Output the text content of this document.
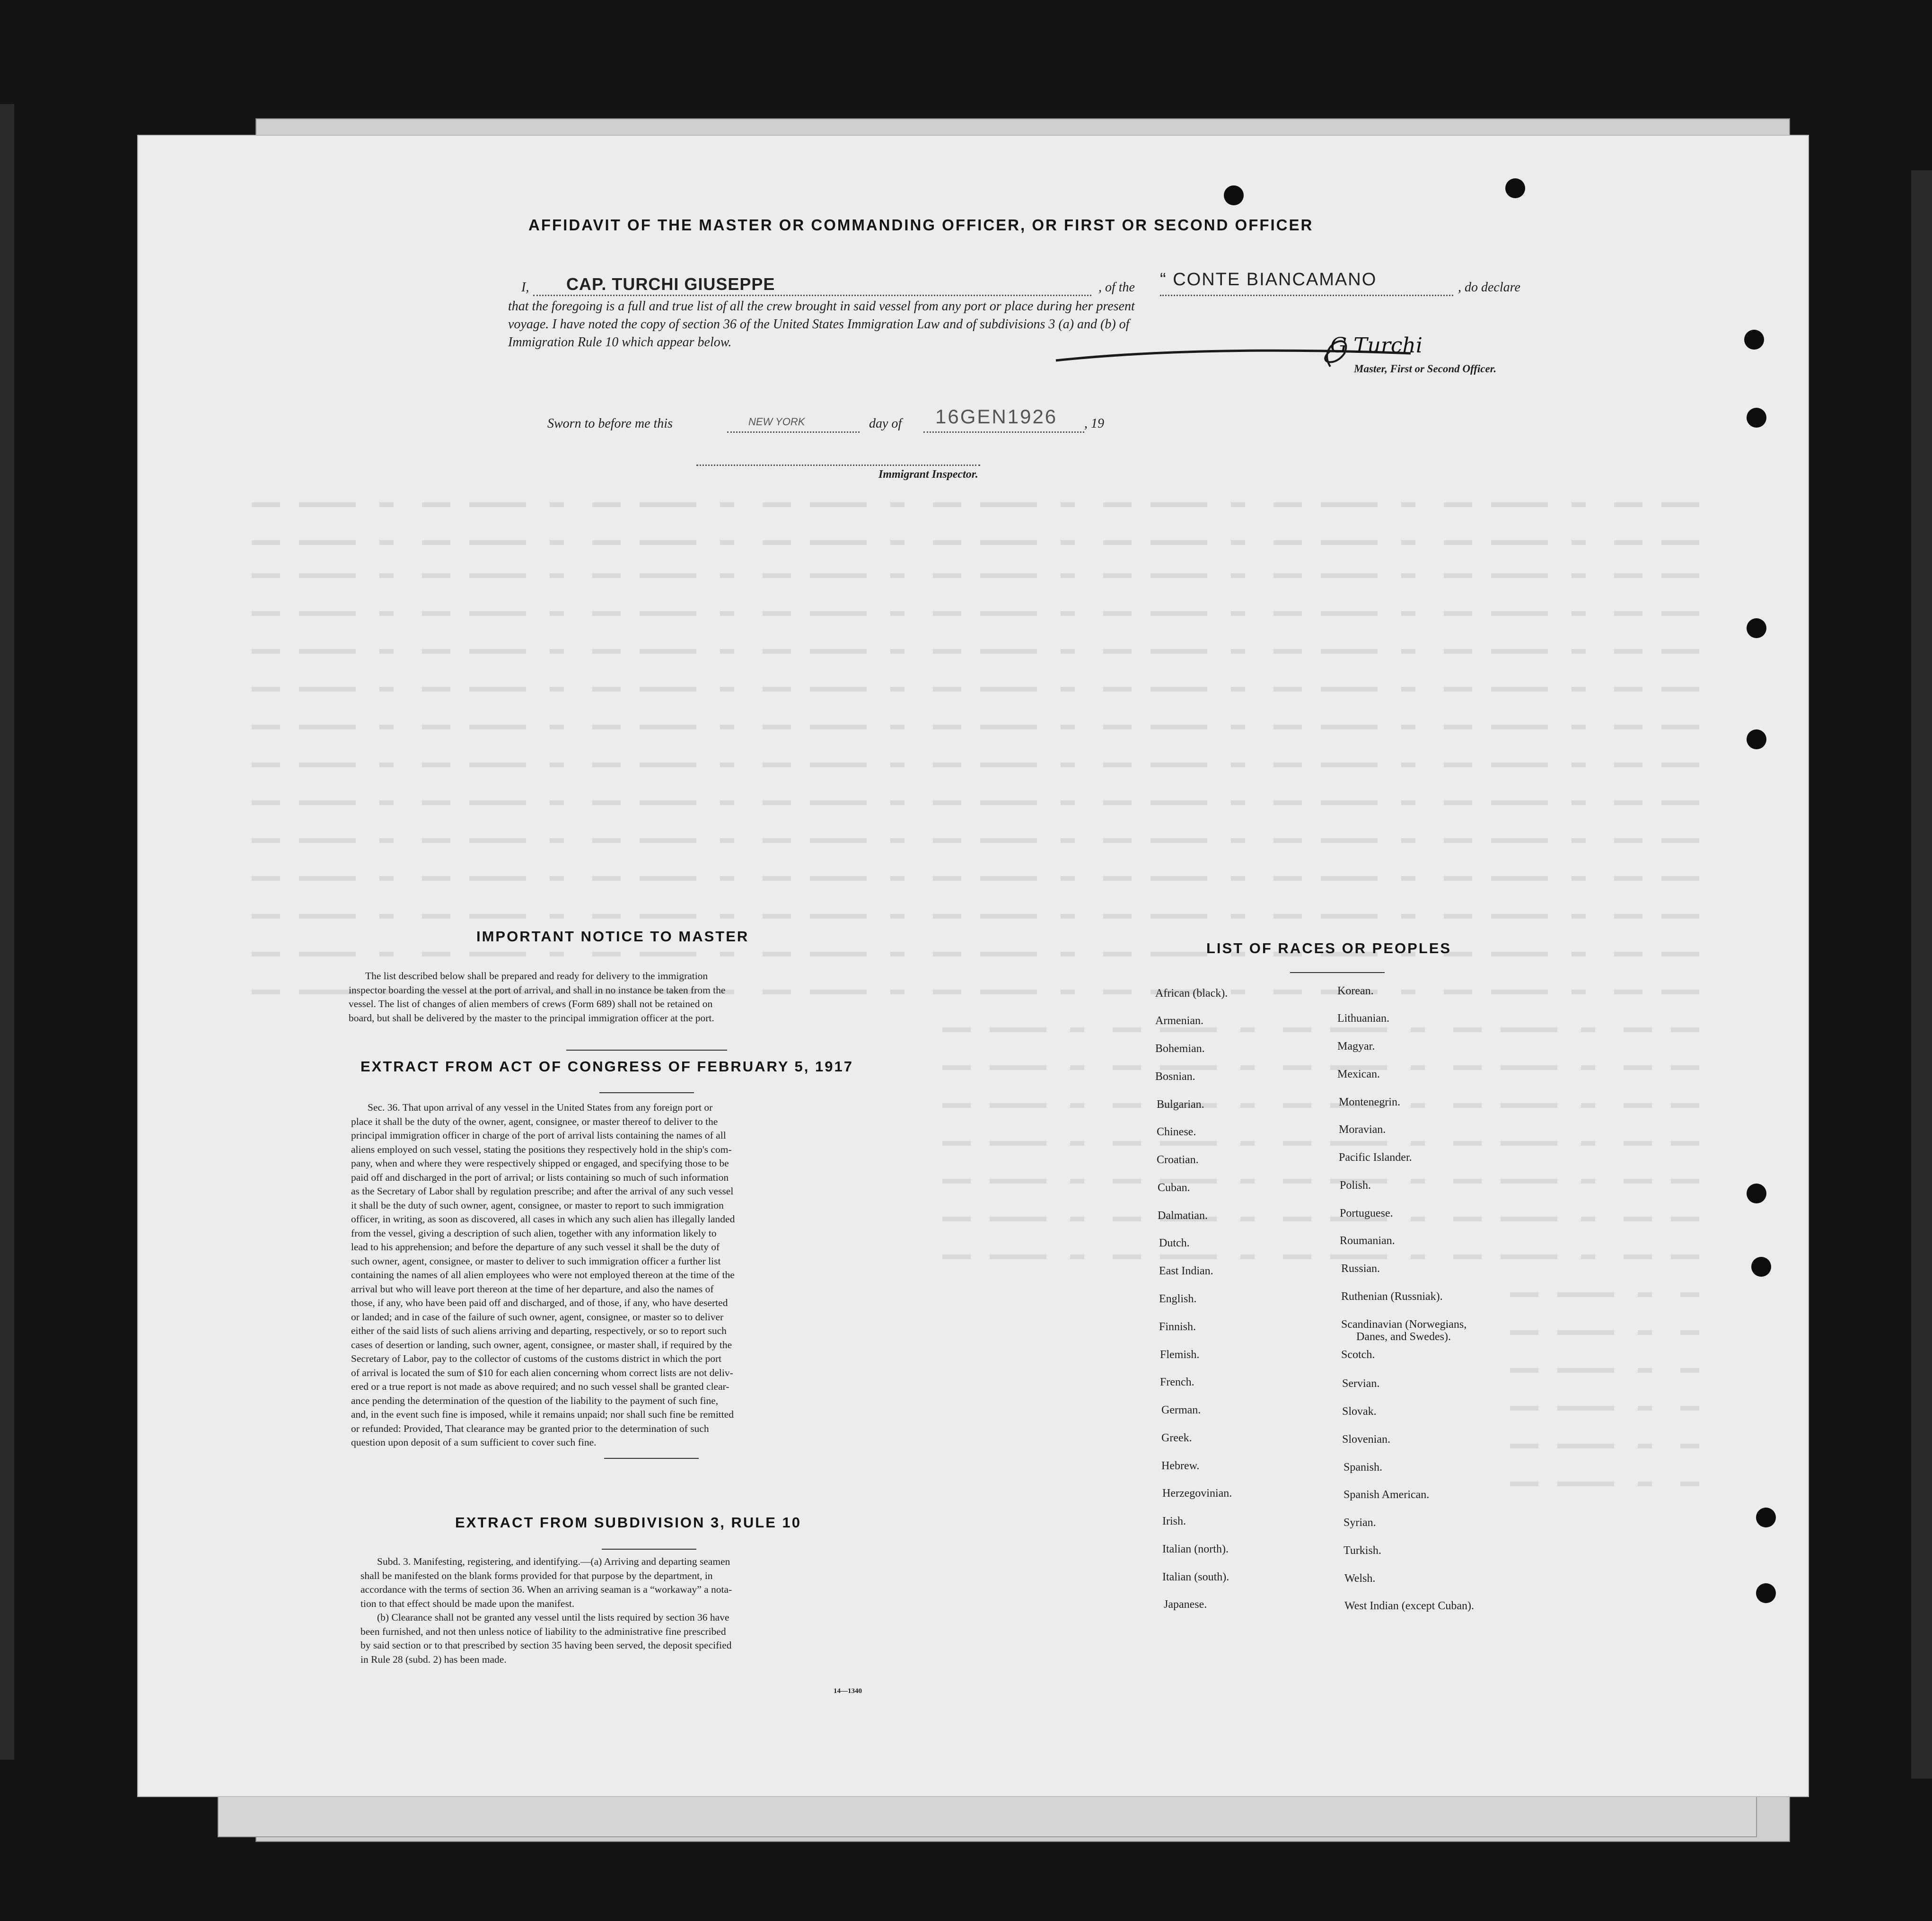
AFFIDAVIT OF THE MASTER OR COMMANDING OFFICER, OR FIRST OR SECOND OFFICER
I, CAP. TURCHI GIUSEPPE	, of the “ CONTE BIANCAMANO	, do declare
that the foregoing is a full and true list of all the crew brought in said vessel from any port or place during her present
voyage. I have noted the copy of section 36 of the United States Immigration Law and of subdivisions 3 (a) and (b) of
Immigration Rule 10 which appear below.	G Turchi
Master, First or Second Officer.
Sworn to before me this	NEW YORK	day of 16GEN1926 , 19
Immigrant Inspector.
IMPORTANT NOTICE TO MASTER
The list described below shall be prepared and ready for delivery to the immigration
inspector boarding the vessel at the port of arrival, and shall in no instance be taken from the
vessel. The list of changes of alien members of crews (Form 689) shall not be retained on
board, but shall be delivered by the master to the principal immigration officer at the port.
EXTRACT FROM ACT OF CONGRESS OF FEBRUARY 5, 1917
Sec. 36. That upon arrival of any vessel in the United States from any foreign port or
place it shall be the duty of the owner, agent, consignee, or master thereof to deliver to the
principal immigration officer in charge of the port of arrival lists containing the names of all
aliens employed on such vessel, stating the positions they respectively hold in the ship's com-
pany, when and where they were respectively shipped or engaged, and specifying those to be
paid off and discharged in the port of arrival; or lists containing so much of such information
as the Secretary of Labor shall by regulation prescribe; and after the arrival of any such vessel
it shall be the duty of such owner, agent, consignee, or master to report to such immigration
officer, in writing, as soon as discovered, all cases in which any such alien has illegally landed
from the vessel, giving a description of such alien, together with any information likely to
lead to his apprehension; and before the departure of any such vessel it shall be the duty of
such owner, agent, consignee, or master to deliver to such immigration officer a further list
containing the names of all alien employees who were not employed thereon at the time of the
arrival but who will leave port thereon at the time of her departure, and also the names of
those, if any, who have been paid off and discharged, and of those, if any, who have deserted
or landed; and in case of the failure of such owner, agent, consignee, or master so to deliver
either of the said lists of such aliens arriving and departing, respectively, or so to report such
cases of desertion or landing, such owner, agent, consignee, or master shall, if required by the
Secretary of Labor, pay to the collector of customs of the customs district in which the port
of arrival is located the sum of $10 for each alien concerning whom correct lists are not deliv-
ered or a true report is not made as above required; and no such vessel shall be granted clear-
ance pending the determination of the question of the liability to the payment of such fine,
and, in the event such fine is imposed, while it remains unpaid; nor shall such fine be remitted
or refunded: Provided, That clearance may be granted prior to the determination of such
question upon deposit of a sum sufficient to cover such fine.
EXTRACT FROM SUBDIVISION 3, RULE 10
Subd. 3. Manifesting, registering, and identifying.—(a) Arriving and departing seamen
shall be manifested on the blank forms provided for that purpose by the department, in
accordance with the terms of section 36. When an arriving seaman is a “workaway” a nota-
tion to that effect should be made upon the manifest.
(b) Clearance shall not be granted any vessel until the lists required by section 36 have
been furnished, and not then unless notice of liability to the administrative fine prescribed
by said section or to that prescribed by section 35 having been served, the deposit specified
in Rule 28 (subd. 2) has been made.
14—1340
LIST OF RACES OR PEOPLES
African (black).
Armenian.
Bohemian.
Bosnian.
Bulgarian.
Chinese.
Croatian.
Cuban.
Dalmatian.
Dutch.
East Indian.
English.
Finnish.
Flemish.
French.
German.
Greek.
Hebrew.
Herzegovinian.
Irish.
Italian (north).
Italian (south).
Japanese.
Korean.
Lithuanian.
Magyar.
Mexican.
Montenegrin.
Moravian.
Pacific Islander.
Polish.
Portuguese.
Roumanian.
Russian.
Ruthenian (Russniak).
Scandinavian (Norwegians,
Danes, and Swedes).
Scotch.
Servian.
Slovak.
Slovenian.
Spanish.
Spanish American.
Syrian.
Turkish.
Welsh.
West Indian (except Cuban).
